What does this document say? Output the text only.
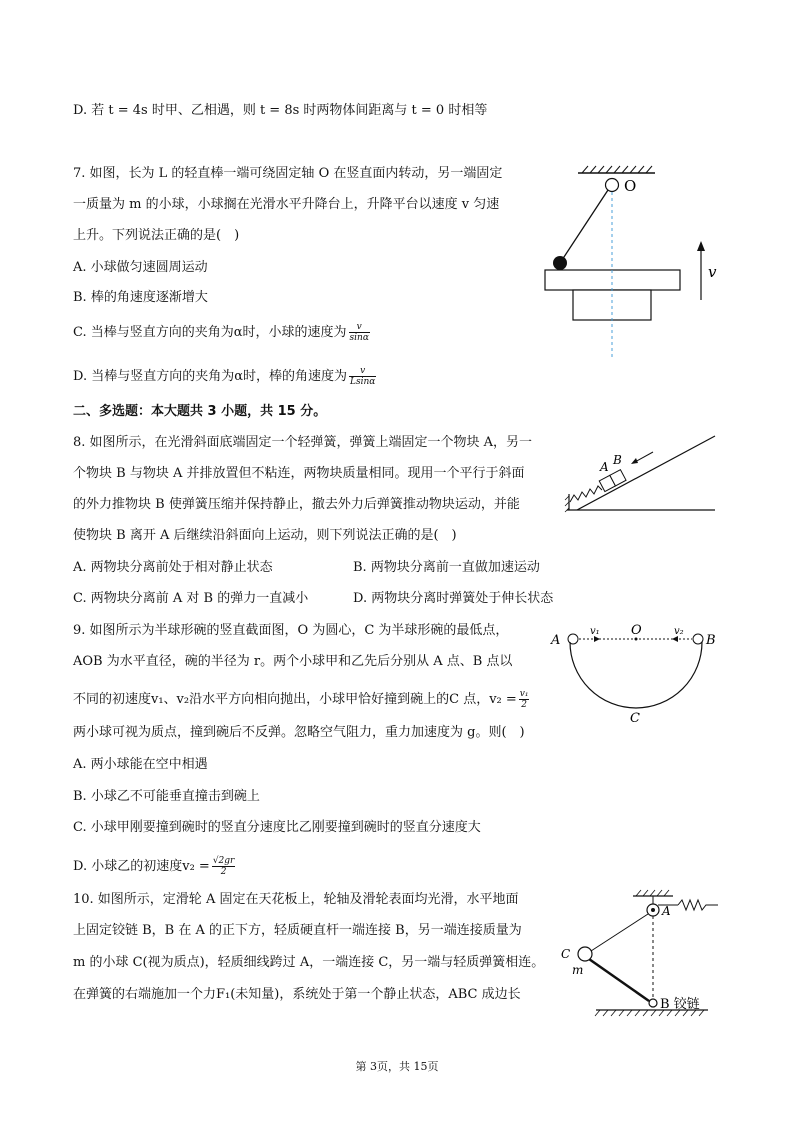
D. 若 t = 4s 时甲、乙相遇，则 t = 8s 时两物体间距离与 t = 0 时相等
7. 如图，长为 L 的轻直棒一端可绕固定轴 O 在竖直面内转动，另一端固定
一质量为 m 的小球，小球搁在光滑水平升降台上，升降平台以速度 v 匀速
上升。下列说法正确的是(　)
A. 小球做匀速圆周运动
B. 棒的角速度逐渐增大
C. 当棒与竖直方向的夹角为α时，小球的速度为 $\frac{v}{\sin\alpha}$
D. 当棒与竖直方向的夹角为α时，棒的角速度为 $\frac{v}{Lsin\alpha}$
O
v
二、多选题：本大题共 3 小题，共 15 分。
8. 如图所示，在光滑斜面底端固定一个轻弹簧，弹簧上端固定一个物块 A，另一
个物块 B 与物块 A 并排放置但不粘连，两物块质量相同。现用一个平行于斜面
的外力推物块 B 使弹簧压缩并保持静止，撤去外力后弹簧推动物块运动，并能
使物块 B 离开 A 后继续沿斜面向上运动，则下列说法正确的是(　)
A. 两物块分离前处于相对静止状态	B. 两物块分离前一直做加速运动
C. 两物块分离前 A 对 B 的弹力一直减小	D. 两物块分离时弹簧处于伸长状态
A B
9. 如图所示为半球形碗的竖直截面图，O 为圆心，C 为半球形碗的最低点，
AOB 为水平直径，碗的半径为 r。两个小球甲和乙先后分别从 A 点、B 点以
不同的初速度v₁、v₂沿水平方向相向抛出，小球甲恰好撞到碗上的C 点，$v_2 = \frac{\text{v₁}}{2}$
两小球可视为质点，撞到碗后不反弹。忽略空气阻力，重力加速度为 g。则(　)
A. 两小球能在空中相遇
B. 小球乙不可能垂直撞击到碗上
C. 小球甲刚要撞到碗时的竖直分速度比乙刚要撞到碗时的竖直分速度大
D. 小球乙的初速度$v_2 = \frac{√2gr}{2}$
A	B
O
v₁	v₂
C
10. 如图所示，定滑轮 A 固定在天花板上，轮轴及滑轮表面均光滑，水平地面
上固定铰链 B，B 在 A 的正下方，轻质硬直杆一端连接 B，另一端连接质量为
m 的小球 C(视为质点)，轻质细线跨过 A，一端连接 C，另一端与轻质弹簧相连。
在弹簧的右端施加一个力F₁(未知量)，系统处于第一个静止状态，ABC 成边长
A
C
m
B 铰链
第 3页，共 15页
